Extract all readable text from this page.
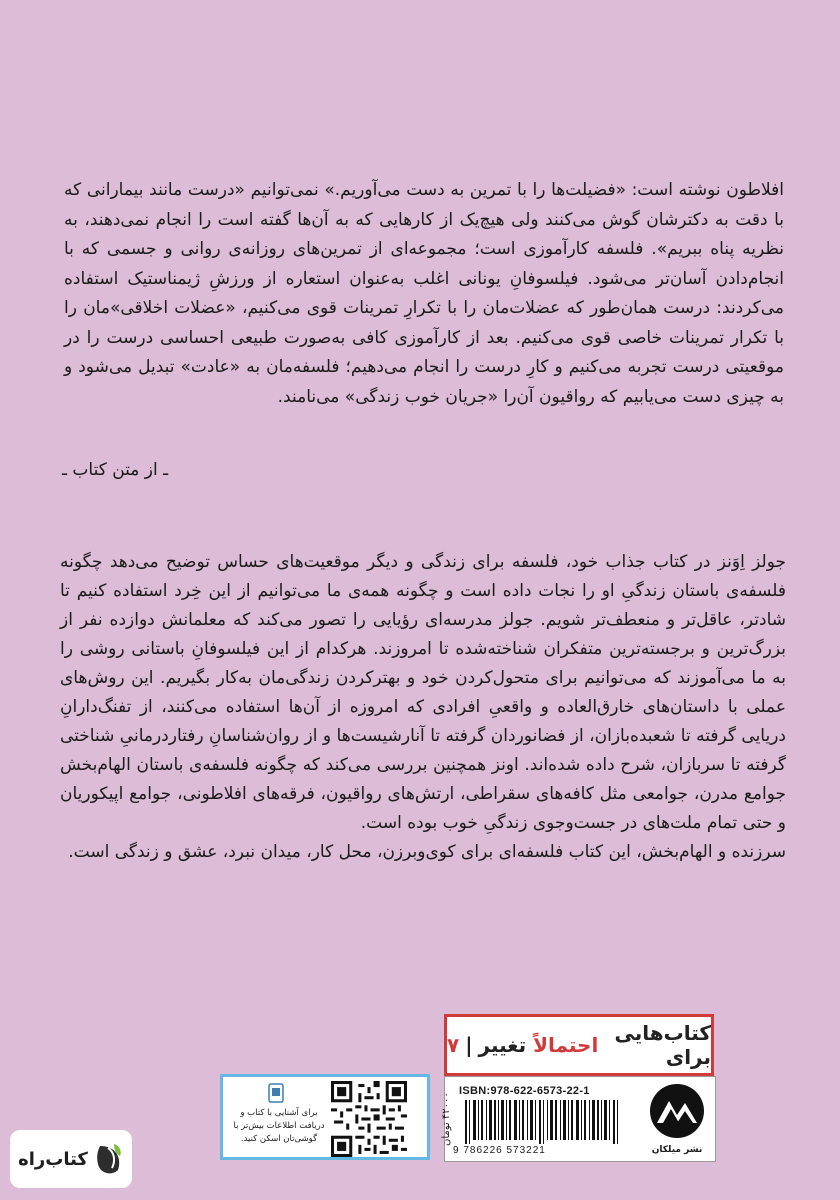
افلاطون نوشته است: «فضیلت‌ها را با تمرین به دست می‌آوریم.» نمی‌توانیم «درست مانند بیمارانی که با دقت به دکترشان گوش می‌کنند ولی هیچ‌یک از کارهایی که به آن‌ها گفته است را انجام نمی‌دهند، به نظریه پناه ببریم». فلسفه کارآموزی است؛ مجموعه‌ای از تمرین‌های روزانه‌ی روانی و جسمی که با انجام‌دادن آسان‌تر می‌شود. فیلسوفانِ یونانی اغلب به‌عنوان استعاره از ورزشِ ژیمناستیک استفاده می‌کردند: درست همان‌طور که عضلات‌مان را با تکرارِ تمرینات قوی می‌کنیم، «عضلات اخلاقی»مان را با تکرار تمرینات خاصی قوی می‌کنیم. بعد از کارآموزی کافی به‌صورت طبیعی احساسی درست را در موقعیتی درست تجربه می‌کنیم و کارِ درست را انجام می‌دهیم؛ فلسفه‌مان به «عادت» تبدیل می‌شود و به چیزی دست می‌یابیم که رواقیون آن‌را «جریان خوب زندگی» می‌نامند.
ـ از متن کتاب ـ

جولز اِوَنز در کتاب جذاب خود، فلسفه برای زندگی و دیگر موقعیت‌های حساس توضیح می‌دهد چگونه فلسفه‌ی باستان زندگیِ او را نجات داده است و چگونه همه‌ی ما می‌توانیم از این خِرد استفاده کنیم تا شادتر، عاقل‌تر و منعطف‌تر شویم. جولز مدرسه‌ای رؤیایی را تصور می‌کند که معلمانش دوازده نفر از بزرگ‌ترین و برجسته‌ترین متفکران شناخته‌شده تا امروزند. هرکدام از این فیلسوفانِ باستانی روشی را به ما می‌آموزند که می‌توانیم برای متحول‌کردن خود و بهترکردن زندگی‌مان به‌کار بگیریم. این روش‌های عملی با داستان‌های خارق‌العاده و واقعیِ افرادی که امروزه از آن‌ها استفاده می‌کنند، از تفنگ‌دارانِ دریایی گرفته تا شعبده‌بازان، از فضانوردان گرفته تا آنارشیست‌ها و از روان‌شناسانِ رفتاردرمانیِ شناختی گرفته تا سربازان، شرح داده شده‌اند. اونز همچنین بررسی می‌کند که چگونه فلسفه‌ی باستان الهام‌بخش جوامع مدرن، جوامعی مثل کافه‌های سقراطی، ارتش‌های رواقیون، فرقه‌های افلاطونی، جوامع اپیکوریان و حتی تمام ملت‌های در جست‌وجوی زندگیِ خوب بوده است.

سرزنده و الهام‌بخش، این کتاب فلسفه‌ای برای کوی‌وبرزن، محل کار، میدان نبرد، عشق و زندگی است.

کتاب‌هایی برای

احتمالاً

تغییر
|
۷
۴۲۰۰۰ تومان
ISBN:978-622-6573-22-1
9 786226 573221	نشر میلکان
برای آشنایی با کتاب و دریافت اطلاعات بیش‌تر با گوشی‌تان اسکن کنید.
کتاب‌راه
